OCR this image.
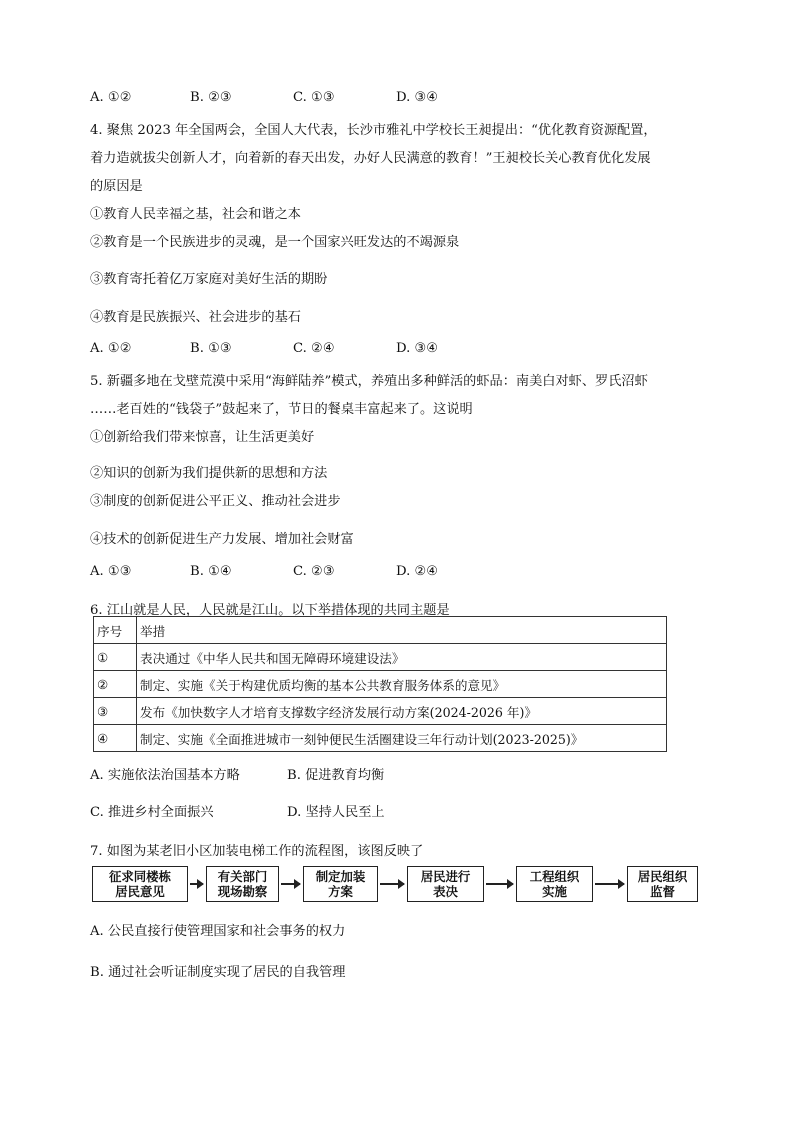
A. ①②	B. ②③	C. ①③	D. ③④
4. 聚焦 2023 年全国两会，全国人大代表，长沙市雅礼中学校长王昶提出：“优化教育资源配置，
着力造就拔尖创新人才，向着新的春天出发，办好人民满意的教育！”王昶校长关心教育优化发展
的原因是
①教育人民幸福之基，社会和谐之本
②教育是一个民族进步的灵魂，是一个国家兴旺发达的不竭源泉
③教育寄托着亿万家庭对美好生活的期盼
④教育是民族振兴、社会进步的基石
A. ①②	B. ①③	C. ②④	D. ③④
5. 新疆多地在戈壁荒漠中采用“海鲜陆养”模式，养殖出多种鲜活的虾品：南美白对虾、罗氏沼虾
……老百姓的“钱袋子”鼓起来了，节日的餐桌丰富起来了。这说明
①创新给我们带来惊喜，让生活更美好
②知识的创新为我们提供新的思想和方法
③制度的创新促进公平正义、推动社会进步
④技术的创新促进生产力发展、增加社会财富
A. ①③	B. ①④	C. ②③	D. ②④
6. 江山就是人民，人民就是江山。以下举措体现的共同主题是
序号	举措
①	表决通过《中华人民共和国无障碍环境建设法》
②	制定、实施《关于构建优质均衡的基本公共教育服务体系的意见》
③	发布《加快数字人才培育支撑数字经济发展行动方案(2024-2026 年)》
④	制定、实施《全面推进城市一刻钟便民生活圈建设三年行动计划(2023-2025)》
A. 实施依法治国基本方略	B. 促进教育均衡
C. 推进乡村全面振兴	D. 坚持人民至上
7. 如图为某老旧小区加装电梯工作的流程图，该图反映了
征求同楼栋
居民意见
有关部门
现场勘察
制定加装
方案
居民进行
表决
工程组织
实施
居民组织
监督
A. 公民直接行使管理国家和社会事务的权力
B. 通过社会听证制度实现了居民的自我管理
